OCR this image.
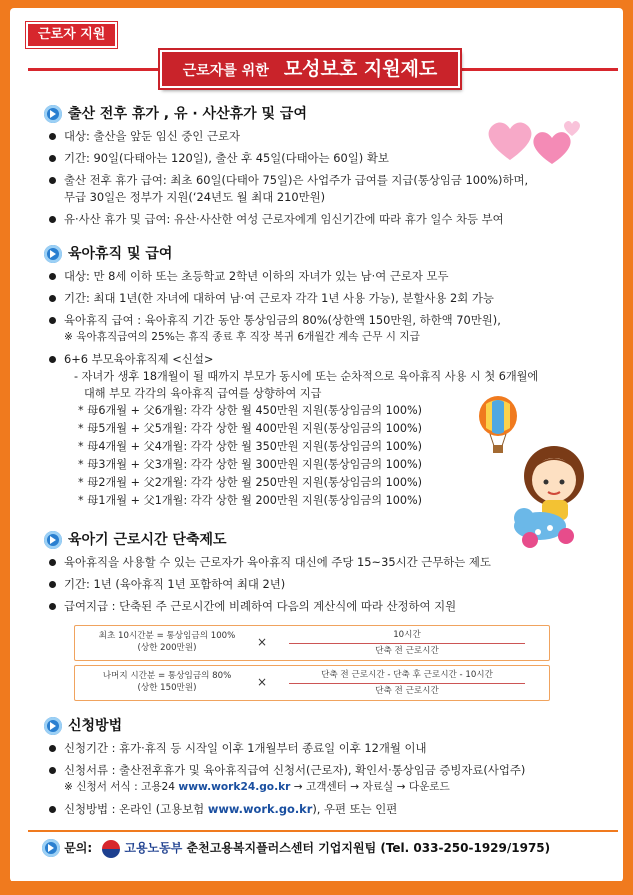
근로자 지원
근로자를 위한 모성보호 지원제도
출산 전후 휴가 , 유 · 사산휴가 및 급여
대상: 출산을 앞둔 임신 중인 근로자
기간: 90일(다태아는 120일), 출산 후 45일(다태아는 60일) 확보
출산 전후 휴가 급여: 최초 60일(다태아 75일)은 사업주가 급여를 지급(통상임금 100%)하며,
무급 30일은 정부가 지원(‘24년도 월 최대 210만원)
유·사산 휴가 및 급여: 유산·사산한 여성 근로자에게 임신기간에 따라 휴가 일수 차등 부여
육아휴직 및 급여
대상: 만 8세 이하 또는 초등학교 2학년 이하의 자녀가 있는 남·여 근로자 모두
기간: 최대 1년(한 자녀에 대하여 남·여 근로자 각각 1년 사용 가능), 분할사용 2회 가능
육아휴직 급여 : 육아휴직 기간 동안 통상임금의 80%(상한액 150만원, 하한액 70만원),
※ 육아휴직급여의 25%는 휴직 종료 후 직장 복귀 6개월간 계속 근무 시 지급
6+6 부모육아휴직제 <신설>
- 자녀가 생후 18개월이 될 때까지 부모가 동시에 또는 순차적으로 육아휴직 사용 시 첫 6개월에
대해 부모 각각의 육아휴직 급여를 상향하여 지급
* 母6개월 + 父6개월: 각각 상한 월 450만원 지원(통상임금의 100%)
* 母5개월 + 父5개월: 각각 상한 월 400만원 지원(통상임금의 100%)
* 母4개월 + 父4개월: 각각 상한 월 350만원 지원(통상임금의 100%)
* 母3개월 + 父3개월: 각각 상한 월 300만원 지원(통상임금의 100%)
* 母2개월 + 父2개월: 각각 상한 월 250만원 지원(통상임금의 100%)
* 母1개월 + 父1개월: 각각 상한 월 200만원 지원(통상임금의 100%)
육아기 근로시간 단축제도
육아휴직을 사용할 수 있는 근로자가 육아휴직 대신에 주당 15~35시간 근무하는 제도
기간: 1년 (육아휴직 1년 포함하여 최대 2년)
급여지급 : 단축된 주 근로시간에 비례하여 다음의 계산식에 따라 산정하여 지원
최초 10시간분 = 통상임금의 100%
(상한 200만원)	×	10시간
단축 전 근로시간
나머지 시간분 = 통상임금의 80%
(상한 150만원)	×	단축 전 근로시간 - 단축 후 근로시간 - 10시간
단축 전 근로시간
신청방법
신청기간 : 휴가·휴직 등 시작일 이후 1개월부터 종료일 이후 12개월 이내
신청서류 : 출산전후휴가 및 육아휴직급여 신청서(근로자), 확인서·통상임금 증빙자료(사업주)
※ 신청서 서식 : 고용24 www.work24.go.kr → 고객센터 → 자료실 → 다운로드
신청방법 : 온라인 (고용보험 www.work.go.kr), 우편 또는 인편
문의:	고용노동부 춘천고용복지플러스센터 기업지원팀 (Tel. 033-250-1929/1975)
